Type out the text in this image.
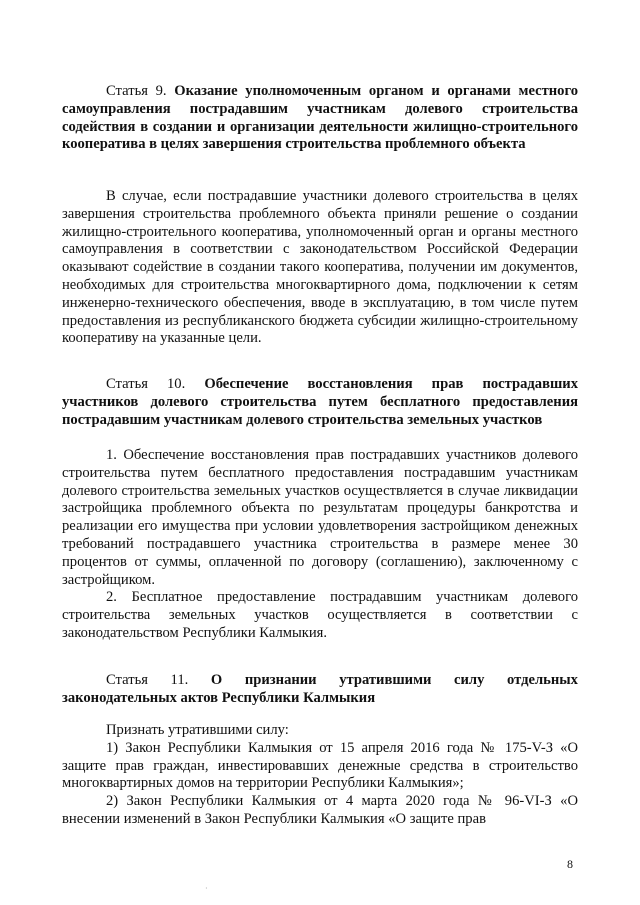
Статья 9. Оказание уполномоченным органом и органами местного самоуправления пострадавшим участникам долевого строительства содействия в создании и организации деятельности жилищно-строительного кооператива в целях завершения строительства проблемного объекта

В случае, если пострадавшие участники долевого строительства в целях завершения строительства проблемного объекта приняли решение о создании жилищно-строительного кооператива, уполномоченный орган и органы местного самоуправления в соответствии с законодательством Российской Федерации оказывают содействие в создании такого кооператива, получении им документов, необходимых для строительства многоквартирного дома, подключении к сетям инженерно-технического обеспечения, вводе в эксплуатацию, в том числе путем предоставления из республиканского бюджета субсидии жилищно-строительному кооперативу на указанные цели.

Статья 10. Обеспечение восстановления прав пострадавших участников долевого строительства путем бесплатного предоставления пострадавшим участникам долевого строительства земельных участков

1. Обеспечение восстановления прав пострадавших участников долевого строительства путем бесплатного предоставления пострадавшим участникам долевого строительства земельных участков осуществляется в случае ликвидации застройщика проблемного объекта по результатам процедуры банкротства и реализации его имущества при условии удовлетворения застройщиком денежных требований пострадавшего участника строительства в размере менее 30 процентов от суммы, оплаченной по договору (соглашению), заключенному с застройщиком.

2. Бесплатное предоставление пострадавшим участникам долевого строительства земельных участков осуществляется в соответствии с законодательством Республики Калмыкия.

Статья 11. О признании утратившими силу отдельных законодательных актов Республики Калмыкия

Признать утратившими силу:

1) Закон Республики Калмыкия от 15 апреля 2016 года № 175-V-З «О защите прав граждан, инвестировавших денежные средства в строительство многоквартирных домов на территории Республики Калмыкия»;

2) Закон Республики Калмыкия от 4 марта 2020 года № 96-VI-З «О внесении изменений в Закон Республики Калмыкия «О защите прав

8
·
